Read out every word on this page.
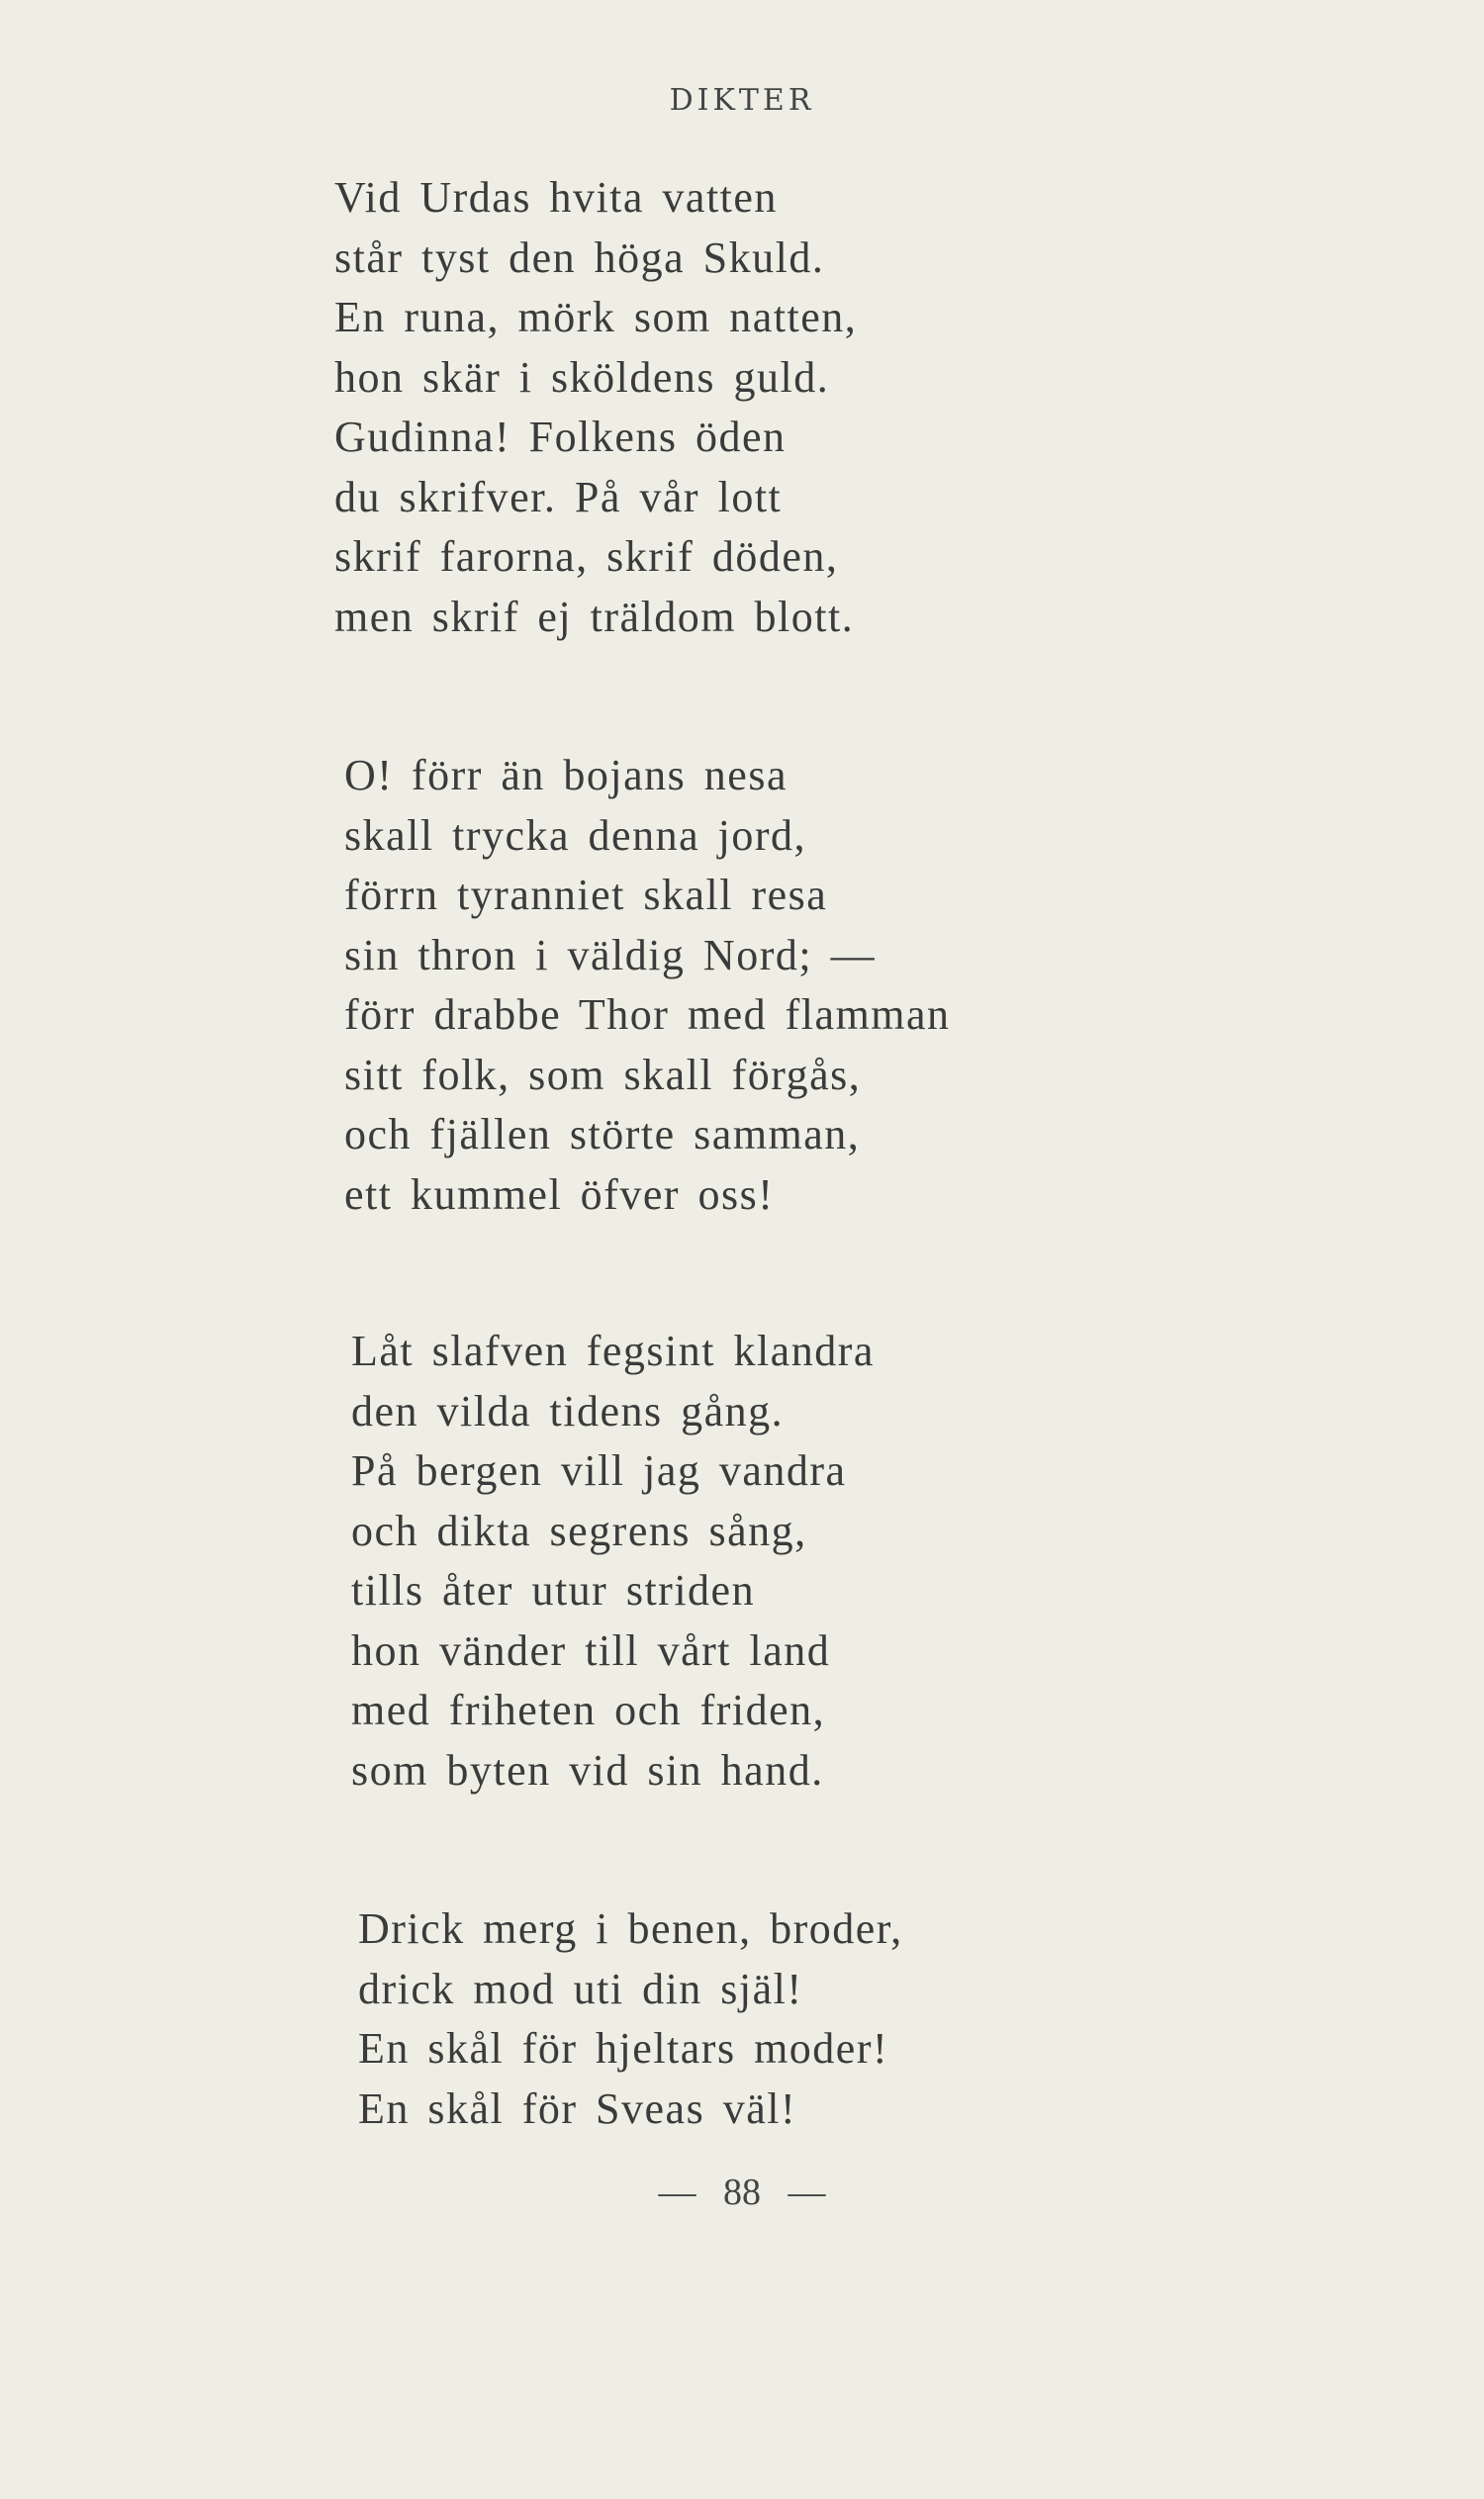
DIKTER
Vid Urdas hvita vatten
står tyst den höga Skuld.
En runa, mörk som natten,
hon skär i sköldens guld.
Gudinna! Folkens öden
du skrifver. På vår lott
skrif farorna, skrif döden,
men skrif ej träldom blott.
O! förr än bojans nesa
skall trycka denna jord,
förrn tyranniet skall resa
sin thron i väldig Nord; —
förr drabbe Thor med flamman
sitt folk, som skall förgås,
och fjällen störte samman,
ett kummel öfver oss!
Låt slafven fegsint klandra
den vilda tidens gång.
På bergen vill jag vandra
och dikta segrens sång,
tills åter utur striden
hon vänder till vårt land
med friheten och friden,
som byten vid sin hand.
Drick merg i benen, broder,
drick mod uti din själ!
En skål för hjeltars moder!
En skål för Sveas väl!
— 88 —
